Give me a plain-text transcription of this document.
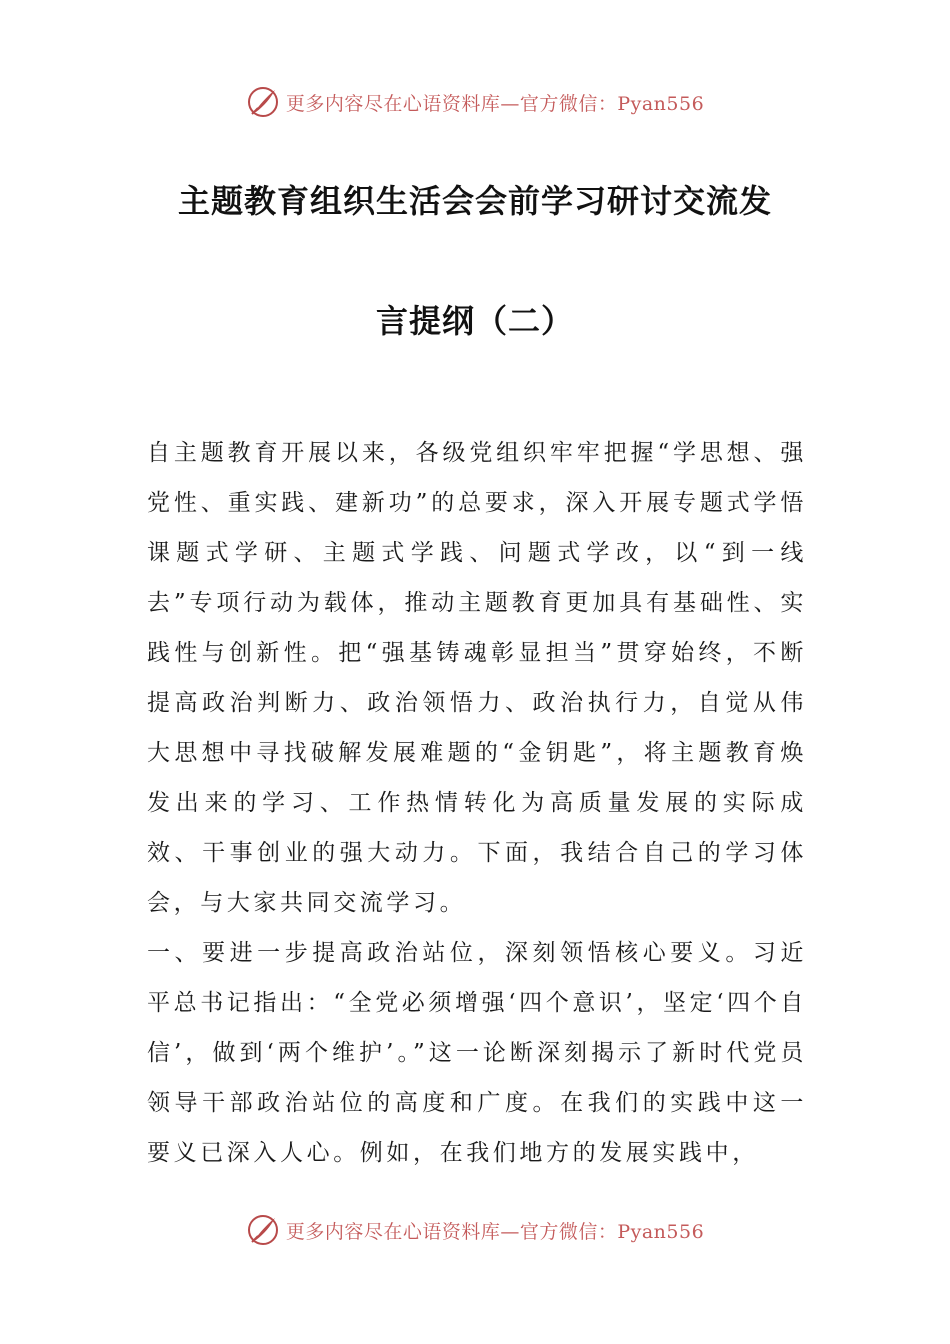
更多内容尽在心语资料库—官方微信：Pyan556
主题教育组织生活会会前学习研讨交流发
言提纲（二）

自主题教育开展以来，各级党组织牢牢把握“学思想、强党性、重实践、建新功”的总要求，深入开展专题式学悟课题式学研、主题式学践、问题式学改，以“到一线去”专项行动为载体，推动主题教育更加具有基础性、实践性与创新性。把“强基铸魂彰显担当”贯穿始终，不断提高政治判断力、政治领悟力、政治执行力，自觉从伟大思想中寻找破解发展难题的“金钥匙”，将主题教育焕发出来的学习、工作热情转化为高质量发展的实际成效、干事创业的强大动力。下面，我结合自己的学习体会，与大家共同交流学习。

一、要进一步提高政治站位，深刻领悟核心要义。习近平总书记指出：“全党必须增强‘四个意识’，坚定‘四个自信’，做到‘两个维护’。”这一论断深刻揭示了新时代党员领导干部政治站位的高度和广度。在我们的实践中这一要义已深入人心。例如，在我们地方的发展实践中，

更多内容尽在心语资料库—官方微信：Pyan556
